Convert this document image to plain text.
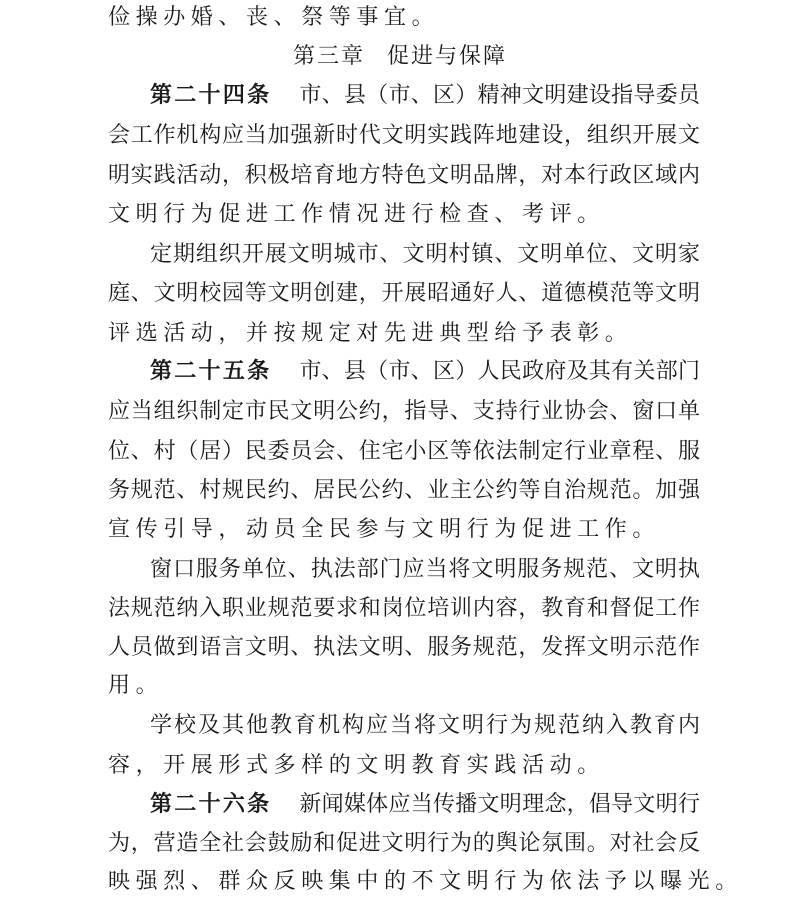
俭操办婚、丧、祭等事宜。
第三章 促进与保障
第二十四条 市、县（市、区）精神文明建设指导委员
会工作机构应当加强新时代文明实践阵地建设，组织开展文
明实践活动，积极培育地方特色文明品牌，对本行政区域内
文明行为促进工作情况进行检查、考评。
定期组织开展文明城市、文明村镇、文明单位、文明家
庭、文明校园等文明创建，开展昭通好人、道德模范等文明
评选活动，并按规定对先进典型给予表彰。
第二十五条 市、县（市、区）人民政府及其有关部门
应当组织制定市民文明公约，指导、支持行业协会、窗口单
位、村（居）民委员会、住宅小区等依法制定行业章程、服
务规范、村规民约、居民公约、业主公约等自治规范。加强
宣传引导，动员全民参与文明行为促进工作。
窗口服务单位、执法部门应当将文明服务规范、文明执
法规范纳入职业规范要求和岗位培训内容，教育和督促工作
人员做到语言文明、执法文明、服务规范，发挥文明示范作
用。
学校及其他教育机构应当将文明行为规范纳入教育内
容，开展形式多样的文明教育实践活动。
第二十六条 新闻媒体应当传播文明理念，倡导文明行
为，营造全社会鼓励和促进文明行为的舆论氛围。对社会反
映强烈、群众反映集中的不文明行为依法予以曝光。
